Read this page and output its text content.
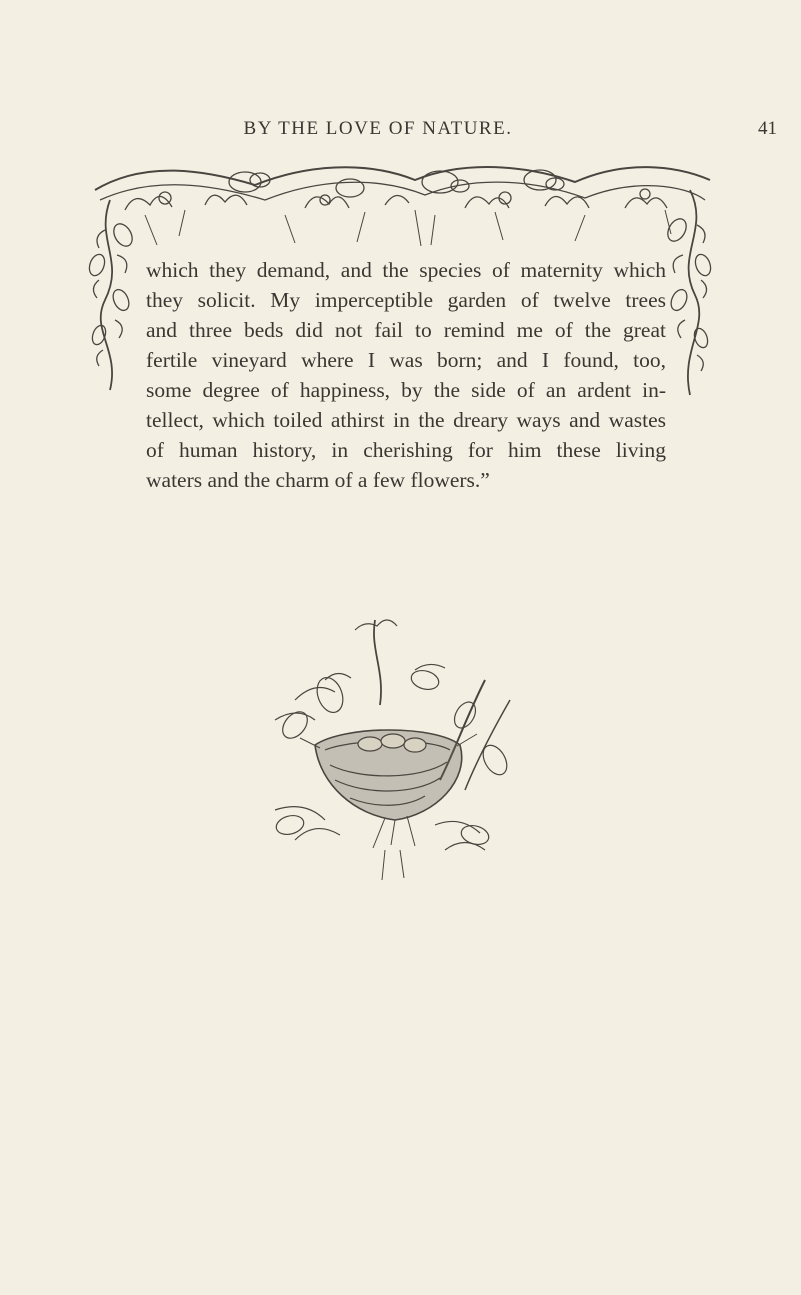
BY THE LOVE OF NATURE.	41
which they demand, and the species of maternity which
they solicit. My imperceptible garden of twelve trees
and three beds did not fail to remind me of the great
fertile vineyard where I was born; and I found, too,
some degree of happiness, by the side of an ardent in-
tellect, which toiled athirst in the dreary ways and wastes
of human history, in cherishing for him these living
waters and the charm of a few flowers.”
